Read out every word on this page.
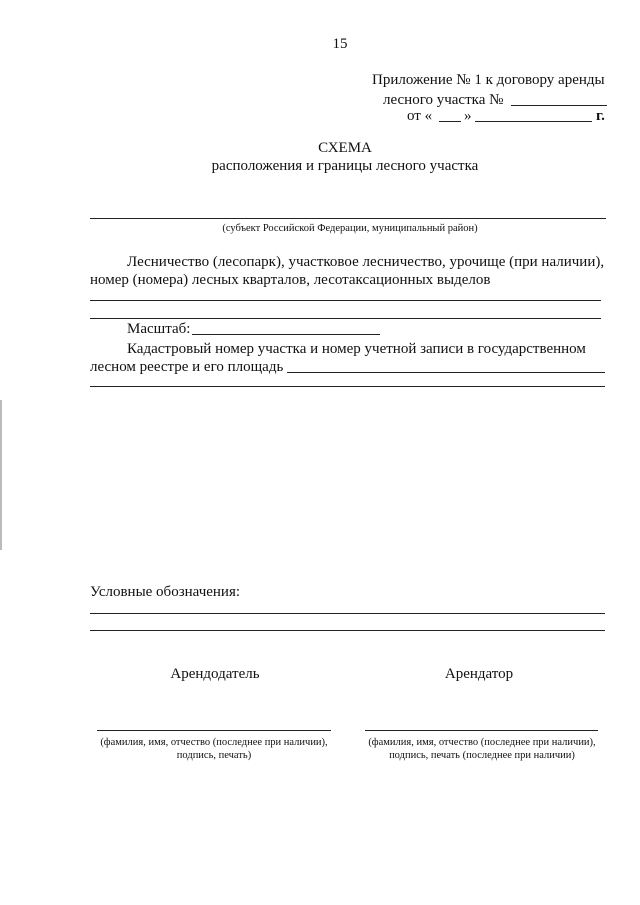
15
Приложение № 1 к договору аренды
лесного участка №
от « »	г.
СХЕМА
расположения и границы лесного участка
(субъект Российской Федерации, муниципальный район)
Лесничество (лесопарк), участковое лесничество, урочище (при наличии),
номер (номера) лесных кварталов, лесотаксационных выделов
Масштаб:
Кадастровый номер участка и номер учетной записи в государственном
лесном реестре и его площадь
Условные обозначения:
Арендодатель	Арендатор
(фамилия, имя, отчество (последнее при наличии),
подпись, печать)
(фамилия, имя, отчество (последнее при наличии),
подпись, печать (последнее при наличии)
